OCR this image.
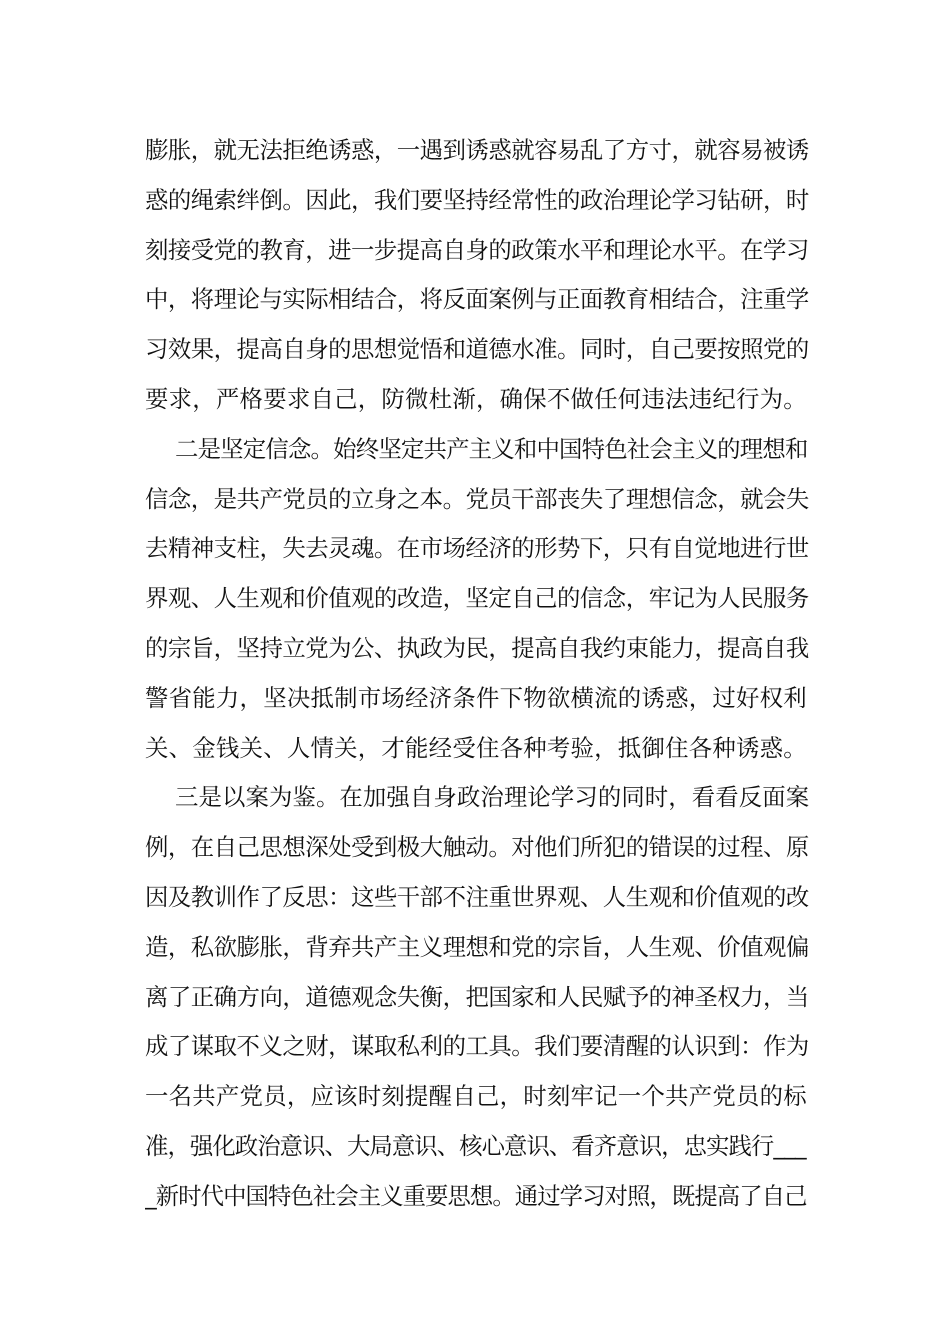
膨胀，就无法拒绝诱惑，一遇到诱惑就容易乱了方寸，就容易被诱
惑的绳索绊倒。因此，我们要坚持经常性的政治理论学习钻研，时
刻接受党的教育，进一步提高自身的政策水平和理论水平。在学习
中，将理论与实际相结合，将反面案例与正面教育相结合，注重学
习效果，提高自身的思想觉悟和道德水准。同时，自己要按照党的
要求，严格要求自己，防微杜渐，确保不做任何违法违纪行为。
二是坚定信念。始终坚定共产主义和中国特色社会主义的理想和
信念，是共产党员的立身之本。党员干部丧失了理想信念，就会失
去精神支柱，失去灵魂。在市场经济的形势下，只有自觉地进行世
界观、人生观和价值观的改造，坚定自己的信念，牢记为人民服务
的宗旨，坚持立党为公、执政为民，提高自我约束能力，提高自我
警省能力，坚决抵制市场经济条件下物欲横流的诱惑，过好权利
关、金钱关、人情关，才能经受住各种考验，抵御住各种诱惑。
三是以案为鉴。在加强自身政治理论学习的同时，看看反面案
例，在自己思想深处受到极大触动。对他们所犯的错误的过程、原
因及教训作了反思：这些干部不注重世界观、人生观和价值观的改
造，私欲膨胀，背弃共产主义理想和党的宗旨，人生观、价值观偏
离了正确方向，道德观念失衡，把国家和人民赋予的神圣权力，当
成了谋取不义之财，谋取私利的工具。我们要清醒的认识到：作为
一名共产党员，应该时刻提醒自己，时刻牢记一个共产党员的标
准，强化政治意识、大局意识、核心意识、看齐意识，忠实践行___
_新时代中国特色社会主义重要思想。通过学习对照，既提高了自己
